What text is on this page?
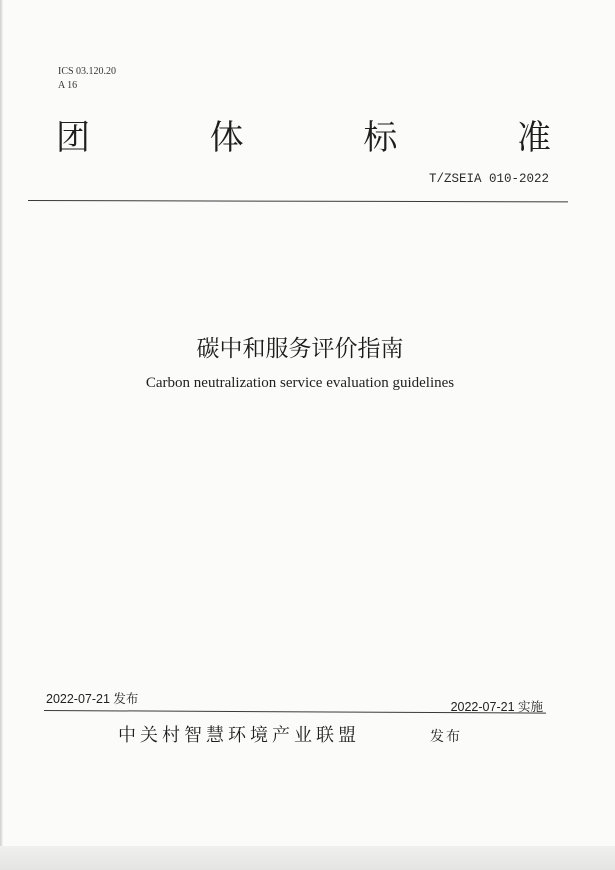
ICS 03.120.20
A 16
团	体	标	准
T/ZSEIA 010-2022
碳中和服务评价指南
Carbon neutralization service evaluation guidelines
2022-07-21 发布
2022-07-21 实施
中关村智慧环境产业联盟	发布
